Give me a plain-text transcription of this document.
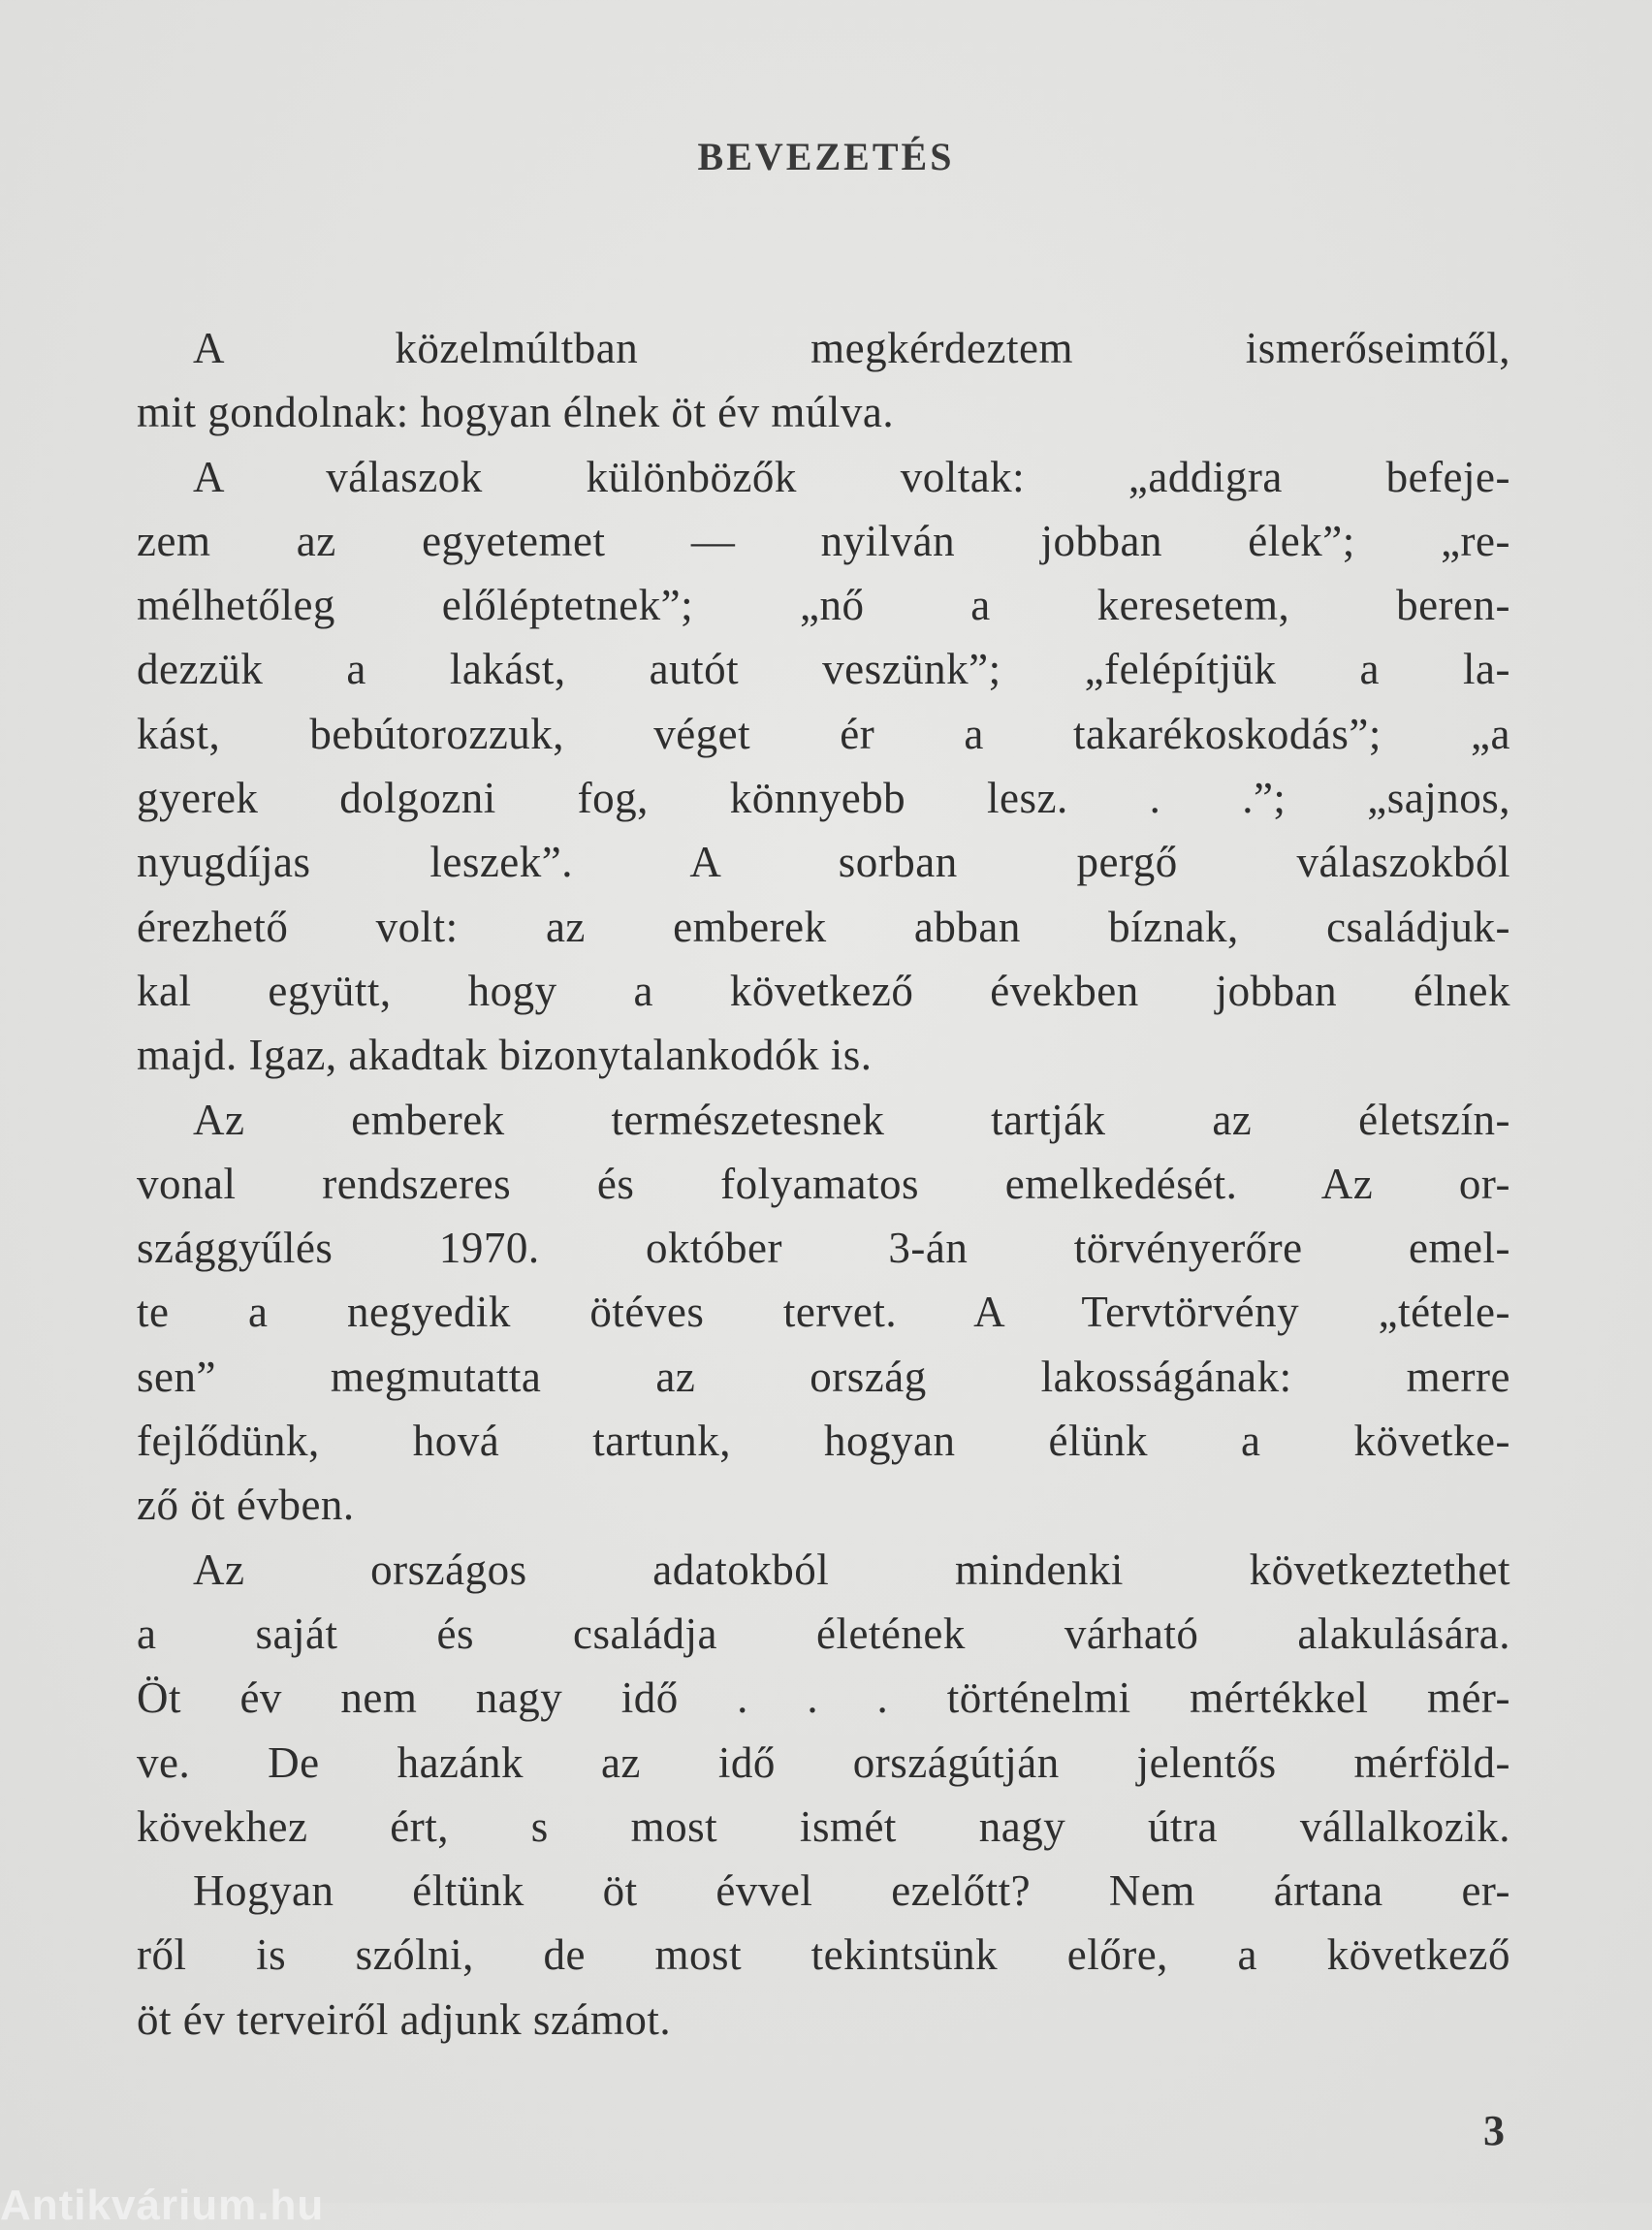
BEVEZETÉS
A közelmúltban megkérdeztem ismerőseimtől,
mit gondolnak: hogyan élnek öt év múlva.
A válaszok különbözők voltak: „addigra befeje-
zem az egyetemet — nyilván jobban élek”; „re-
mélhetőleg előléptetnek”; „nő a keresetem, beren-
dezzük a lakást, autót veszünk”; „felépítjük a la-
kást, bebútorozzuk, véget ér a takarékoskodás”; „a
gyerek dolgozni fog, könnyebb lesz. . .”; „sajnos,
nyugdíjas leszek”. A sorban pergő válaszokból
érezhető volt: az emberek abban bíznak, családjuk-
kal együtt, hogy a következő években jobban élnek
majd. Igaz, akadtak bizonytalankodók is.
Az emberek természetesnek tartják az életszín-
vonal rendszeres és folyamatos emelkedését. Az or-
szággyűlés 1970. október 3-án törvényerőre emel-
te a negyedik ötéves tervet. A Tervtörvény „tétele-
sen” megmutatta az ország lakosságának: merre
fejlődünk, hová tartunk, hogyan élünk a követke-
ző öt évben.
Az országos adatokból mindenki következtethet
a saját és családja életének várható alakulására.
Öt év nem nagy idő . . . történelmi mértékkel mér-
ve. De hazánk az idő országútján jelentős mérföld-
kövekhez ért, s most ismét nagy útra vállalkozik.
Hogyan éltünk öt évvel ezelőtt? Nem ártana er-
ről is szólni, de most tekintsünk előre, a következő
öt év terveiről adjunk számot.
3
Antikvárium.hu
